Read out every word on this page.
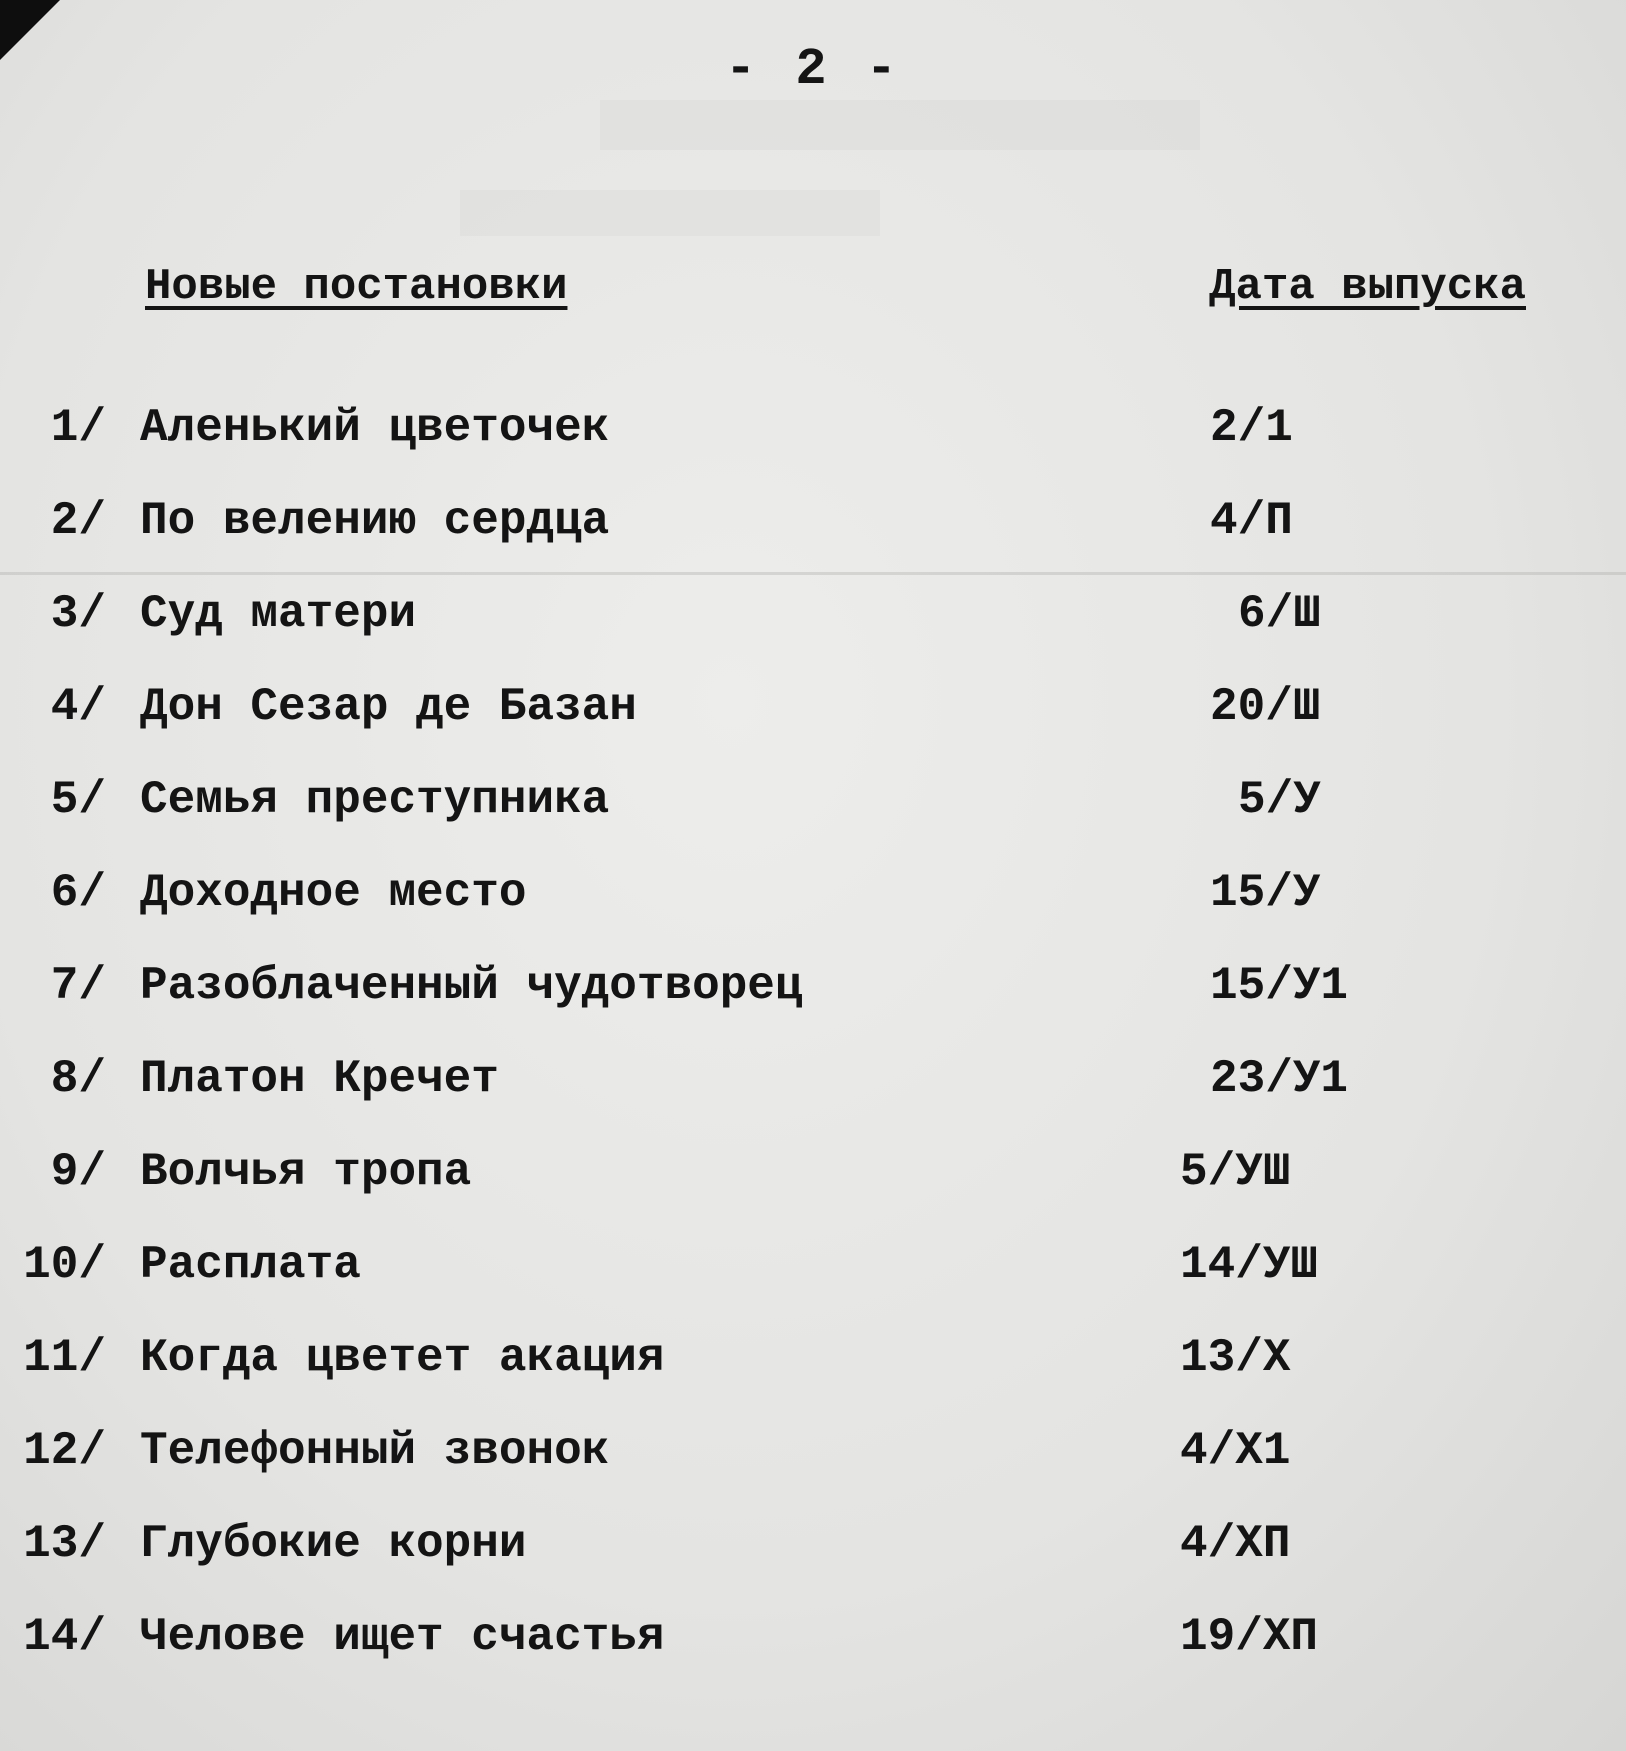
- 2 -
Новые постановки	Дата выпуска
1/ Аленький цветочек	2/1
2/ По велению сердца	4/П
3/ Суд матери	6/Ш
4/ Дон Сезар де Базан	20/Ш
5/ Семья преступника	5/У
6/ Доходное место	15/У
7/ Разоблаченный чудотворец	15/У1
8/ Платон Кречет	23/У1
9/ Волчья тропа	5/УШ
10/ Расплата	14/УШ
11/ Когда цветет акация	13/Х
12/ Телефонный звонок	4/Х1
13/ Глубокие корни	4/ХП
14/ Челове ищет счастья	19/ХП
